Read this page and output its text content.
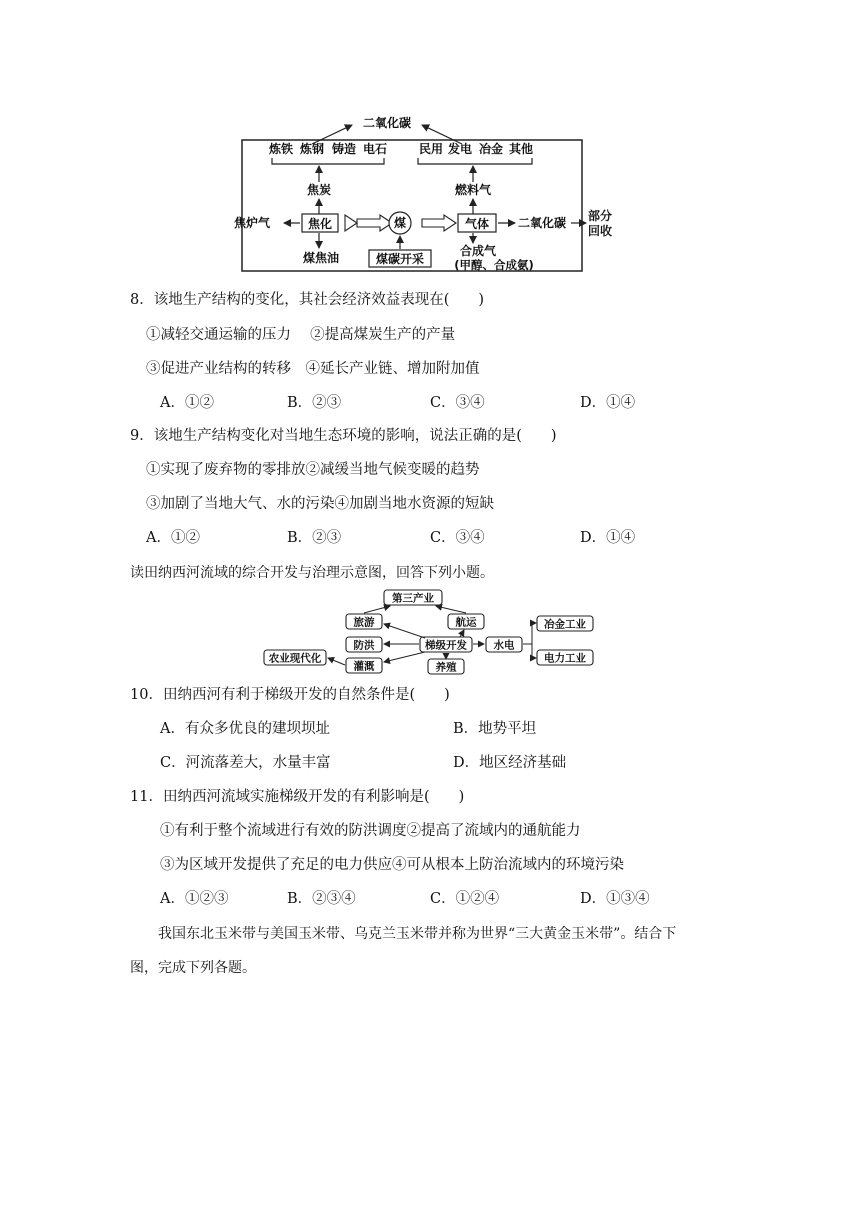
二氧化碳
炼铁 炼钢 铸造 电石	民用 发电 冶金 其他
焦炭	燃料气
焦炉气	焦化	煤	气体 二氧化碳 部分
回收
煤焦油	煤碳开采
合成气
(甲醇、合成氨)
8．该地生产结构的变化，其社会经济效益表现在(　　)
①减轻交通运输的压力　 ②提高煤炭生产的产量
③促进产业结构的转移　④延长产业链、增加附加值
A．①②	B．②③	C．③④	D．①④
9．该地生产结构变化对当地生态环境的影响，说法正确的是(　　)
①实现了废弃物的零排放②减缓当地气候变暖的趋势
③加剧了当地大气、水的污染④加剧当地水资源的短缺
A．①②	B．②③	C．③④	D．①④
读田纳西河流域的综合开发与治理示意图，回答下列小题。
第三产业
旅游	航运
防洪	梯级开发	水电
冶金工业
电力工业
农业现代化
灌溉	养殖
10．田纳西河有利于梯级开发的自然条件是(　　)
A．有众多优良的建坝坝址	B．地势平坦
C．河流落差大，水量丰富	D．地区经济基础
11．田纳西河流域实施梯级开发的有利影响是(　　)
①有利于整个流域进行有效的防洪调度②提高了流域内的通航能力
③为区域开发提供了充足的电力供应④可从根本上防治流域内的环境污染
A．①②③	B．②③④	C．①②④	D．①③④
我国东北玉米带与美国玉米带、乌克兰玉米带并称为世界“三大黄金玉米带”。结合下
图，完成下列各题。
